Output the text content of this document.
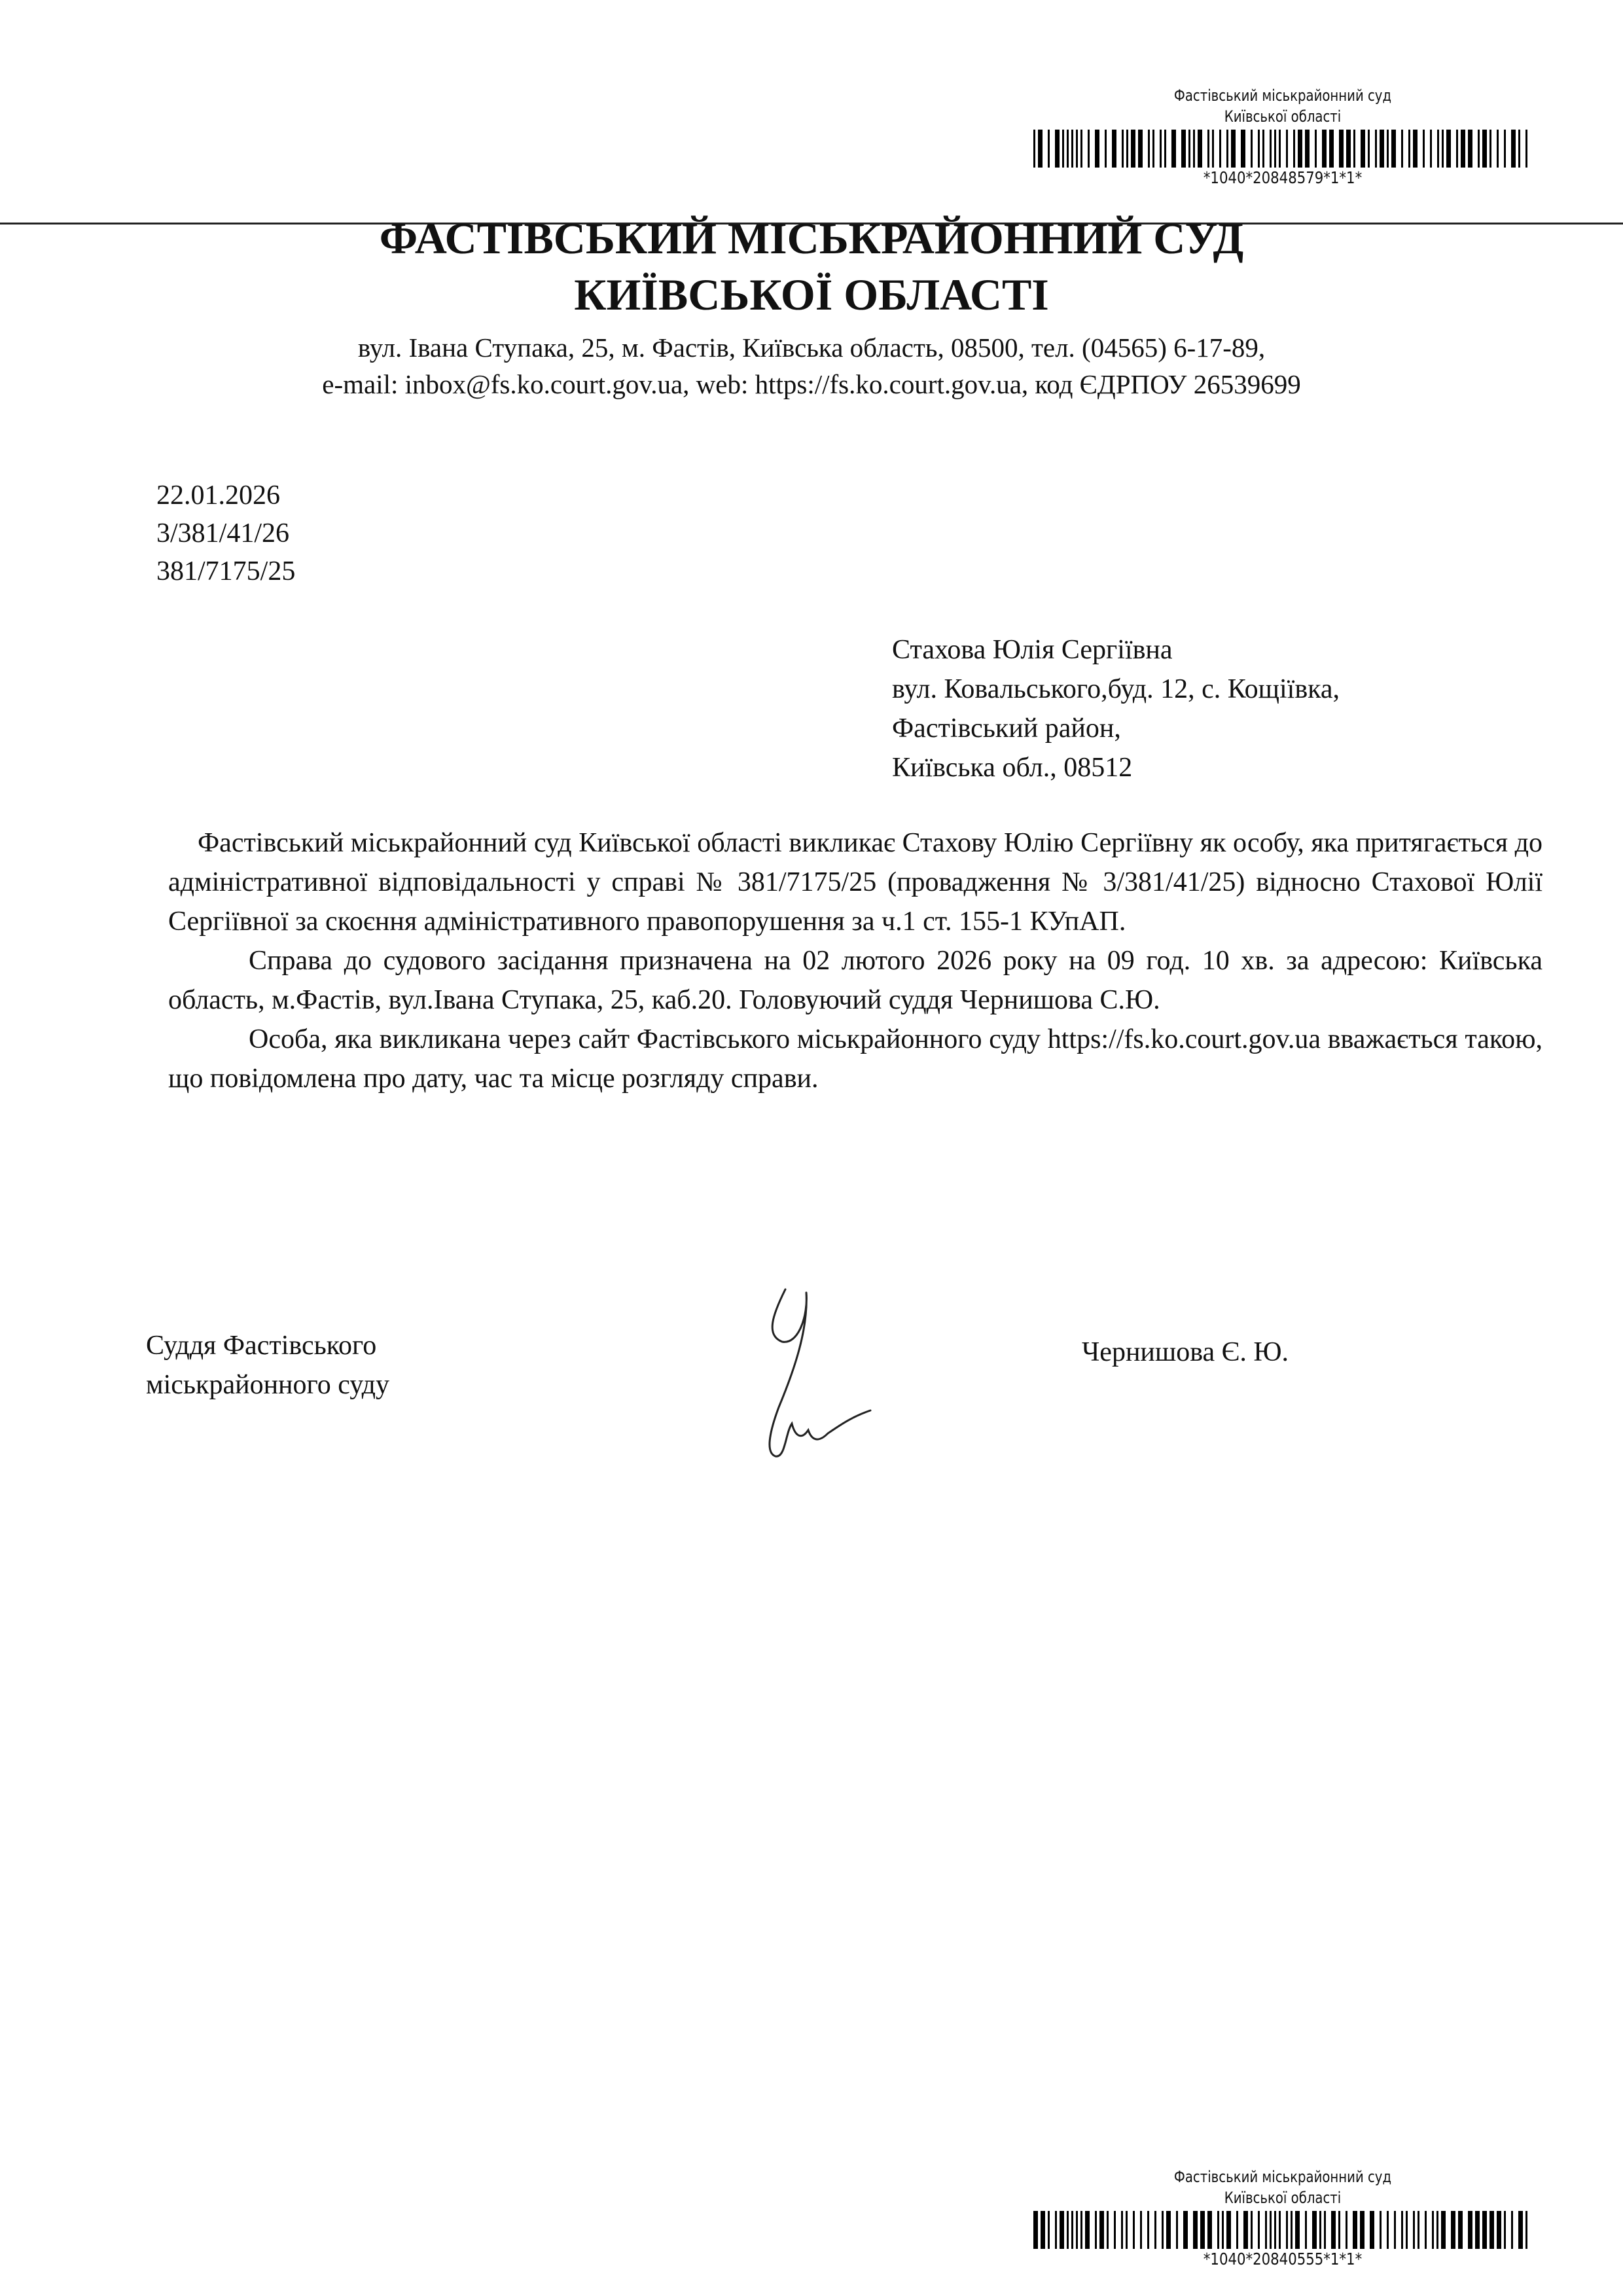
Фастівський міськрайонний суд
Київської області
*1040*20848579*1*1*
ФАСТІВСЬКИЙ МІСЬКРАЙОННИЙ СУД
КИЇВСЬКОЇ ОБЛАСТІ
вул. Івана Ступака, 25, м. Фастів, Київська область, 08500, тел. (04565) 6-17-89,
e-mail: inbox@fs.ko.court.gov.ua, web: https://fs.ko.court.gov.ua, код ЄДРПОУ 26539699
22.01.2026
3/381/41/26
381/7175/25
Стахова Юлія Сергіївна
вул. Ковальського,буд. 12, с. Кощіївка,
Фастівський район,
Київська обл., 08512

Фастівський міськрайонний суд Київської області викликає Стахову Юлію Сергіївну як особу, яка притягається до адміністративної відповідальності у справі № 381/7175/25 (провадження № 3/381/41/25) відносно Стахової Юлії Сергіївної за скоєння адміністративного правопорушення за ч.1 ст. 155-1 КУпАП.

Справа до судового засідання призначена на 02 лютого 2026 року на 09 год. 10 хв. за адресою: Київська область, м.Фастів, вул.Івана Ступака, 25, каб.20. Головуючий суддя Чернишова С.Ю.

Особа, яка викликана через сайт Фастівського міськрайонного суду https://fs.ko.court.gov.ua вважається такою, що повідомлена про дату, час та місце розгляду справи.

Суддя Фастівського
міськрайонного суду
Чернишова Є. Ю.
Фастівський міськрайонний суд
Київської області
*1040*20840555*1*1*
